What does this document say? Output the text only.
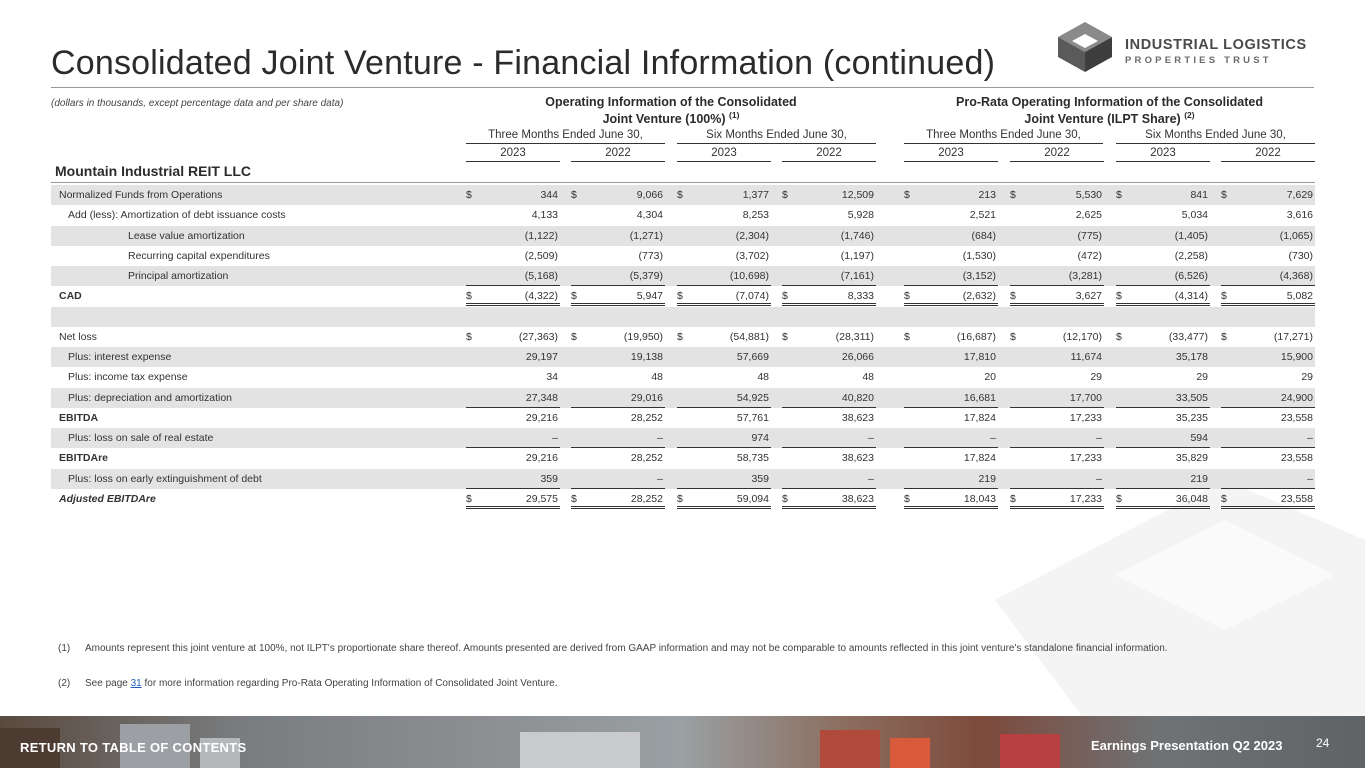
Consolidated Joint Venture - Financial Information (continued)	INDUSTRIAL LOGISTICS
PROPERTIES TRUST
(dollars in thousands, except percentage data and per share data)	Operating Information of the Consolidated
Joint Venture (100%) $^{(1)}$
Pro-Rata Operating Information of the Consolidated
Joint Venture (ILPT Share) $^{(2)}$
Three Months Ended June 30,	Six Months Ended June 30,	Three Months Ended June 30,	Six Months Ended June 30,
2023	2022	2023	2022	2023	2022	2023	2022
Mountain Industrial REIT LLC
Normalized Funds from Operations	$	344 $	9,066 $	1,377 $	12,509	$	213 $	5,530 $	841 $	7,629
Add (less): Amortization of debt issuance costs	4,133	4,304	8,253	5,928	2,521	2,625	5,034	3,616
Lease value amortization	(1,122)	(1,271)	(2,304)	(1,746)	(684)	(775)	(1,405)	(1,065)
Recurring capital expenditures	(2,509)	(773)	(3,702)	(1,197)	(1,530)	(472)	(2,258)	(730)
Principal amortization	(5,168)	(5,379)	(10,698)	(7,161)	(3,152)	(3,281)	(6,526)	(4,368)
CAD	$	(4,322) $	5,947 $	(7,074) $	8,333	$	(2,632) $	3,627 $	(4,314) $	5,082
Net loss	$	(27,363) $	(19,950) $	(54,881) $	(28,311)	$	(16,687) $	(12,170) $	(33,477) $	(17,271)
Plus: interest expense	29,197	19,138	57,669	26,066	17,810	11,674	35,178	15,900
Plus: income tax expense	34	48	48	48	20	29	29	29
Plus: depreciation and amortization	27,348	29,016	54,925	40,820	16,681	17,700	33,505	24,900
EBITDA	29,216	28,252	57,761	38,623	17,824	17,233	35,235	23,558
Plus: loss on sale of real estate	–	–	974	–	–	–	594	–
EBITDAre	29,216	28,252	58,735	38,623	17,824	17,233	35,829	23,558
Plus: loss on early extinguishment of debt	359	–	359	–	219	–	219	–
Adjusted EBITDAre	$	29,575 $	28,252 $	59,094 $	38,623	$	18,043 $	17,233 $	36,048 $	23,558
(1) Amounts represent this joint venture at 100%, not ILPT's proportionate share thereof. Amounts presented are derived from GAAP information and may not be comparable to amounts reflected in this joint venture's standalone financial information.
(2) See page 31 for more information regarding Pro-Rata Operating Information of Consolidated Joint Venture.
RETURN TO TABLE OF CONTENTS	Earnings Presentation Q2 2023	24
